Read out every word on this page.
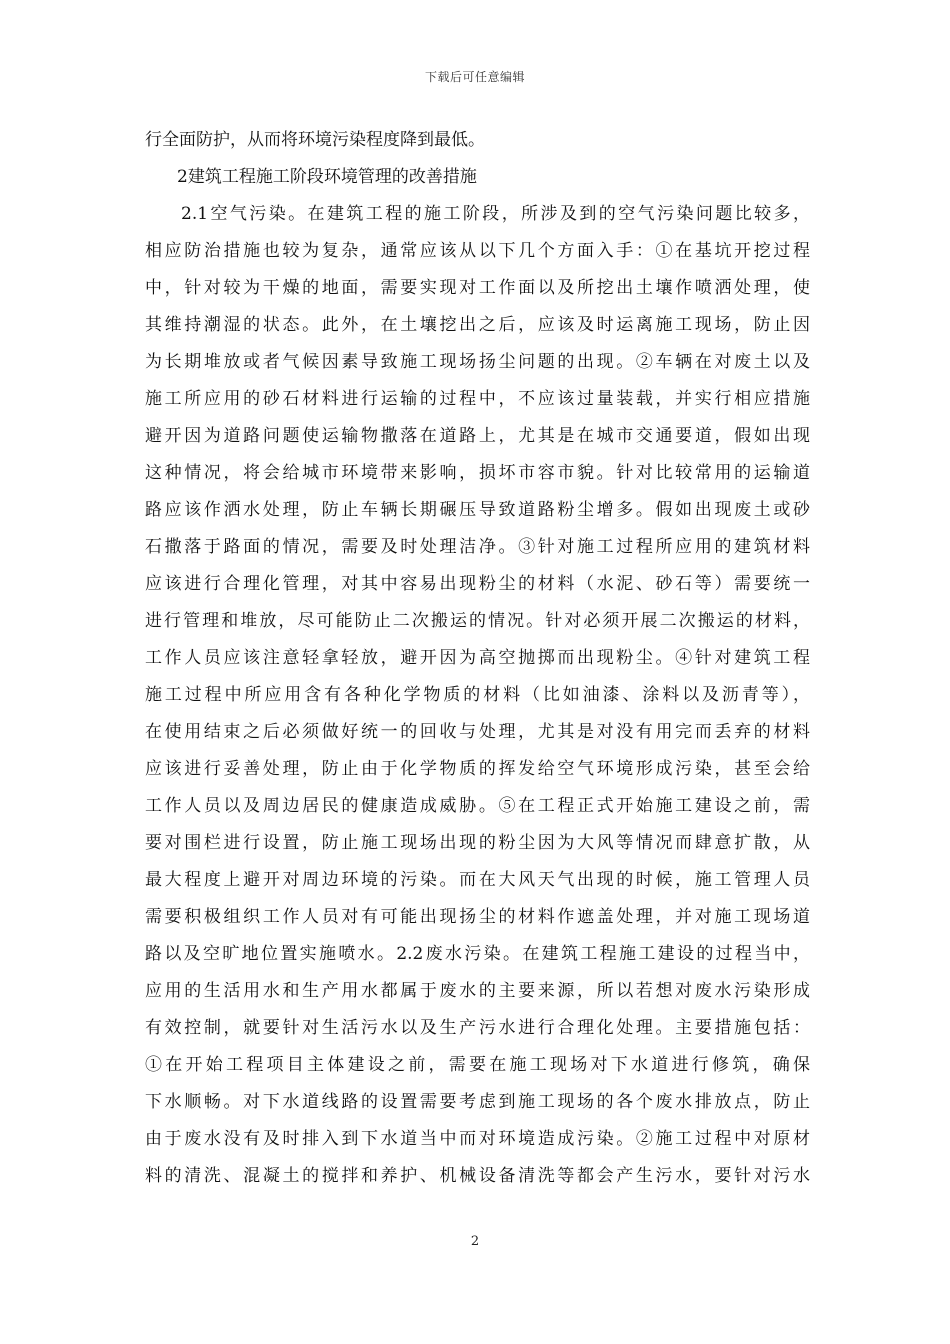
下载后可任意编辑
行全面防护，从而将环境污染程度降到最低。
2建筑工程施工阶段环境管理的改善措施
2.1空气污染。在建筑工程的施工阶段，所涉及到的空气污染问题比较多，
相应防治措施也较为复杂，通常应该从以下几个方面入手：①在基坑开挖过程
中，针对较为干燥的地面，需要实现对工作面以及所挖出土壤作喷洒处理，使
其维持潮湿的状态。此外，在土壤挖出之后，应该及时运离施工现场，防止因
为长期堆放或者气候因素导致施工现场扬尘问题的出现。②车辆在对废土以及
施工所应用的砂石材料进行运输的过程中，不应该过量装载，并实行相应措施
避开因为道路问题使运输物撒落在道路上，尤其是在城市交通要道，假如出现
这种情况，将会给城市环境带来影响，损坏市容市貌。针对比较常用的运输道
路应该作洒水处理，防止车辆长期碾压导致道路粉尘增多。假如出现废土或砂
石撒落于路面的情况，需要及时处理洁净。③针对施工过程所应用的建筑材料
应该进行合理化管理，对其中容易出现粉尘的材料（水泥、砂石等）需要统一
进行管理和堆放，尽可能防止二次搬运的情况。针对必须开展二次搬运的材料，
工作人员应该注意轻拿轻放，避开因为高空抛掷而出现粉尘。④针对建筑工程
施工过程中所应用含有各种化学物质的材料（比如油漆、涂料以及沥青等），
在使用结束之后必须做好统一的回收与处理，尤其是对没有用完而丢弃的材料
应该进行妥善处理，防止由于化学物质的挥发给空气环境形成污染，甚至会给
工作人员以及周边居民的健康造成威胁。⑤在工程正式开始施工建设之前，需
要对围栏进行设置，防止施工现场出现的粉尘因为大风等情况而肆意扩散，从
最大程度上避开对周边环境的污染。而在大风天气出现的时候，施工管理人员
需要积极组织工作人员对有可能出现扬尘的材料作遮盖处理，并对施工现场道
路以及空旷地位置实施喷水。2.2废水污染。在建筑工程施工建设的过程当中，
应用的生活用水和生产用水都属于废水的主要来源，所以若想对废水污染形成
有效控制，就要针对生活污水以及生产污水进行合理化处理。主要措施包括：
①在开始工程项目主体建设之前，需要在施工现场对下水道进行修筑，确保
下水顺畅。对下水道线路的设置需要考虑到施工现场的各个废水排放点，防止
由于废水没有及时排入到下水道当中而对环境造成污染。②施工过程中对原材
料的清洗、混凝土的搅拌和养护、机械设备清洗等都会产生污水，要针对污水
2
